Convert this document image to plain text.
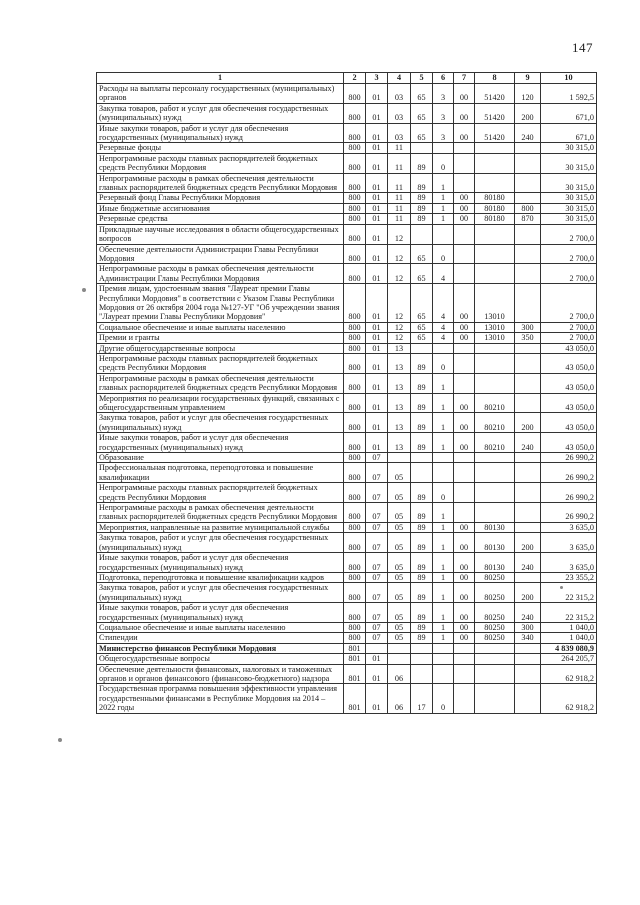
147
1	2	3	4	5	6	7	8	9	10
Расходы на выплаты персоналу государственных (муниципальных) органов	800	01	03	65	3	00	51420	120	1 592,5
Закупка товаров, работ и услуг для обеспечения государственных (муниципальных) нужд	800	01	03	65	3	00	51420	200	671,0
Иные закупки товаров, работ и услуг для обеспечения государственных (муниципальных) нужд	800	01	03	65	3	00	51420	240	671,0
Резервные фонды	800	01	11						30 315,0
Непрограммные расходы главных распорядителей бюджетных средств Республики Мордовия	800	01	11	89	0				30 315,0
Непрограммные расходы в рамках обеспечения деятельности главных распорядителей бюджетных средств Республики Мордовия	800	01	11	89	1				30 315,0
Резервный фонд Главы Республики Мордовия	800	01	11	89	1	00	80180		30 315,0
Иные бюджетные ассигнования	800	01	11	89	1	00	80180	800	30 315,0
Резервные средства	800	01	11	89	1	00	80180	870	30 315,0
Прикладные научные исследования в области общегосударственных вопросов	800	01	12						2 700,0
Обеспечение деятельности Администрации Главы Республики Мордовия	800	01	12	65	0				2 700,0
Непрограммные расходы в рамках обеспечения деятельности Администрации Главы Республики Мордовия	800	01	12	65	4				2 700,0
Премия лицам, удостоенным звания "Лауреат премии Главы Республики Мордовия" в соответствии с Указом Главы Республики Мордовия от 26 октября 2004 года №127-УГ "Об учреждении звания "Лауреат премии Главы Республики Мордовия"	800	01	12	65	4	00	13010		2 700,0
Социальное обеспечение и иные выплаты населению	800	01	12	65	4	00	13010	300	2 700,0
Премии и гранты	800	01	12	65	4	00	13010	350	2 700,0
Другие общегосударственные вопросы	800	01	13						43 050,0
Непрограммные расходы главных распорядителей бюджетных средств Республики Мордовия	800	01	13	89	0				43 050,0
Непрограммные расходы в рамках обеспечения деятельности главных распорядителей бюджетных средств Республики Мордовия	800	01	13	89	1				43 050,0
Мероприятия по реализации государственных функций, связанных с общегосударственным управлением	800	01	13	89	1	00	80210		43 050,0
Закупка товаров, работ и услуг для обеспечения государственных (муниципальных) нужд	800	01	13	89	1	00	80210	200	43 050,0
Иные закупки товаров, работ и услуг для обеспечения государственных (муниципальных) нужд	800	01	13	89	1	00	80210	240	43 050,0
Образование	800	07							26 990,2
Профессиональная подготовка, переподготовка и повышение квалификации	800	07	05						26 990,2
Непрограммные расходы главных распорядителей бюджетных средств Республики Мордовия	800	07	05	89	0				26 990,2
Непрограммные расходы в рамках обеспечения деятельности главных распорядителей бюджетных средств Республики Мордовия	800	07	05	89	1				26 990,2
Мероприятия, направленные на развитие муниципальной службы	800	07	05	89	1	00	80130		3 635,0
Закупка товаров, работ и услуг для обеспечения государственных (муниципальных) нужд	800	07	05	89	1	00	80130	200	3 635,0
Иные закупки товаров, работ и услуг для обеспечения государственных (муниципальных) нужд	800	07	05	89	1	00	80130	240	3 635,0
Подготовка, переподготовка и повышение квалификации кадров	800	07	05	89	1	00	80250		23 355,2
Закупка товаров, работ и услуг для обеспечения государственных (муниципальных) нужд	800	07	05	89	1	00	80250	200	22 315,2
Иные закупки товаров, работ и услуг для обеспечения государственных (муниципальных) нужд	800	07	05	89	1	00	80250	240	22 315,2
Социальное обеспечение и иные выплаты населению	800	07	05	89	1	00	80250	300	1 040,0
Стипендии	800	07	05	89	1	00	80250	340	1 040,0
Министерство финансов Республики Мордовия	801								4 839 080,9
Общегосударственные вопросы	801	01							264 205,7
Обеспечение деятельности финансовых, налоговых и таможенных органов и органов финансового (финансово-бюджетного) надзора	801	01	06						62 918,2
Государственная программа повышения эффективности управления государственными финансами в Республике Мордовия на 2014 – 2022 годы	801	01	06	17	0				62 918,2
